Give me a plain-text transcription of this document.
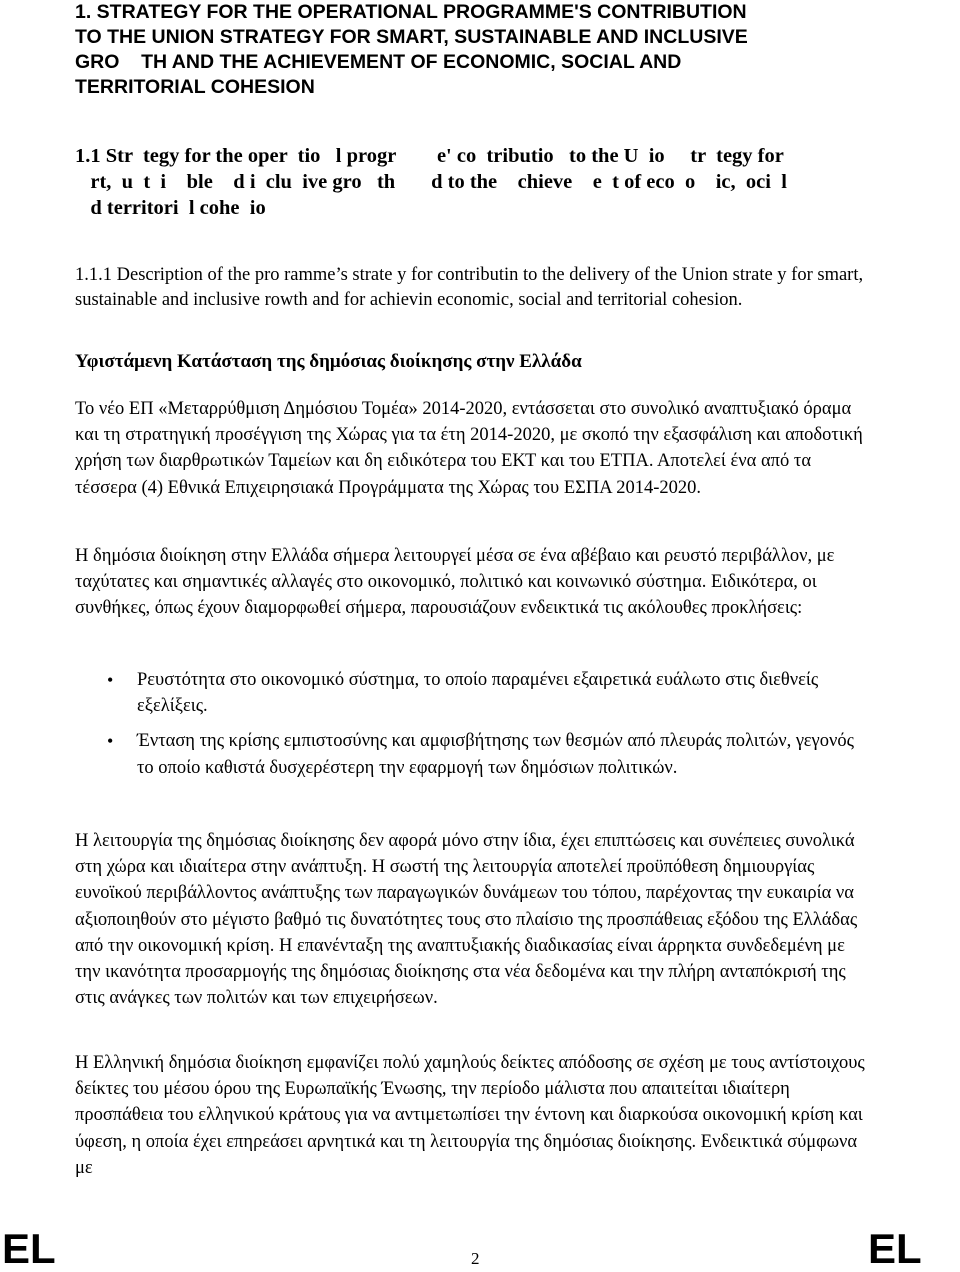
1. STRATEGY FOR THE OPERATIONAL PROGRAMME'S CONTRIBUTION
TO THE UNION STRATEGY FOR SMART, SUSTAINABLE AND INCLUSIVE
GRO    TH AND THE ACHIEVEMENT OF ECONOMIC, SOCIAL AND
TERRITORIAL COHESION
1.1 Str  tegy for the oper  tio   l progr        e' co  tributio   to the U  io     tr  tegy for
rt,  u  t  i    ble    d i  clu  ive gro   th       d to the    chieve    e  t of eco  o    ic,  oci  l
d territori  l cohe  io

1.1.1 Description of the pro ramme’s strate y for contributin to the delivery of the Union strate y for smart, sustainable and inclusive rowth and for achievin economic, social and territorial cohesion.

Υφιστάμενη Κατάσταση της δημόσιας διοίκησης στην Ελλάδα

Το νέο ΕΠ «Μεταρρύθμιση Δημόσιου Τομέα» 2014-2020, εντάσσεται στο συνολικό αναπτυξιακό όραμα και τη στρατηγική προσέγγιση της Χώρας για τα έτη 2014-2020, με σκοπό την εξασφάλιση και αποδοτική χρήση των διαρθρωτικών Ταμείων και δη ειδικότερα του ΕΚΤ και του ΕΤΠΑ. Αποτελεί ένα από τα τέσσερα (4) Εθνικά Επιχειρησιακά Προγράμματα της Χώρας του ΕΣΠΑ 2014-2020.

Η δημόσια διοίκηση στην Ελλάδα σήμερα λειτουργεί μέσα σε ένα αβέβαιο και ρευστό περιβάλλον, με ταχύτατες και σημαντικές αλλαγές στο οικονομικό, πολιτικό και κοινωνικό σύστημα. Ειδικότερα, οι συνθήκες, όπως έχουν διαμορφωθεί σήμερα, παρουσιάζουν ενδεικτικά τις ακόλουθες προκλήσεις:

• Ρευστότητα στο οικονομικό σύστημα, το οποίο παραμένει εξαιρετικά ευάλωτο στις διεθνείς εξελίξεις.
• Ένταση της κρίσης εμπιστοσύνης και αμφισβήτησης των θεσμών από πλευράς πολιτών, γεγονός το οποίο καθιστά δυσχερέστερη την εφαρμογή των δημόσιων πολιτικών.

Η λειτουργία της δημόσιας διοίκησης δεν αφορά μόνο στην ίδια, έχει επιπτώσεις και συνέπειες συνολικά στη χώρα και ιδιαίτερα στην ανάπτυξη. Η σωστή της λειτουργία αποτελεί προϋπόθεση δημιουργίας ευνοϊκού περιβάλλοντος ανάπτυξης των παραγωγικών δυνάμεων του τόπου, παρέχοντας την ευκαιρία να αξιοποιηθούν στο μέγιστο βαθμό τις δυνατότητες τους στο πλαίσιο της προσπάθειας εξόδου της Ελλάδας από την οικονομική κρίση. Η επανένταξη της αναπτυξιακής διαδικασίας είναι άρρηκτα συνδεδεμένη με την ικανότητα προσαρμογής της δημόσιας διοίκησης στα νέα δεδομένα και την πλήρη ανταπόκρισή της στις ανάγκες των πολιτών και των επιχειρήσεων.

Η Ελληνική δημόσια διοίκηση εμφανίζει πολύ χαμηλούς δείκτες απόδοσης σε σχέση με τους αντίστοιχους δείκτες του μέσου όρου της Ευρωπαϊκής Ένωσης, την περίοδο μάλιστα που απαιτείται ιδιαίτερη προσπάθεια του ελληνικού κράτους για να αντιμετωπίσει την έντονη και διαρκούσα οικονομική κρίση και ύφεση, η οποία έχει επηρεάσει αρνητικά και τη λειτουργία της δημόσιας διοίκησης. Ενδεικτικά σύμφωνα με

EL	2	EL
